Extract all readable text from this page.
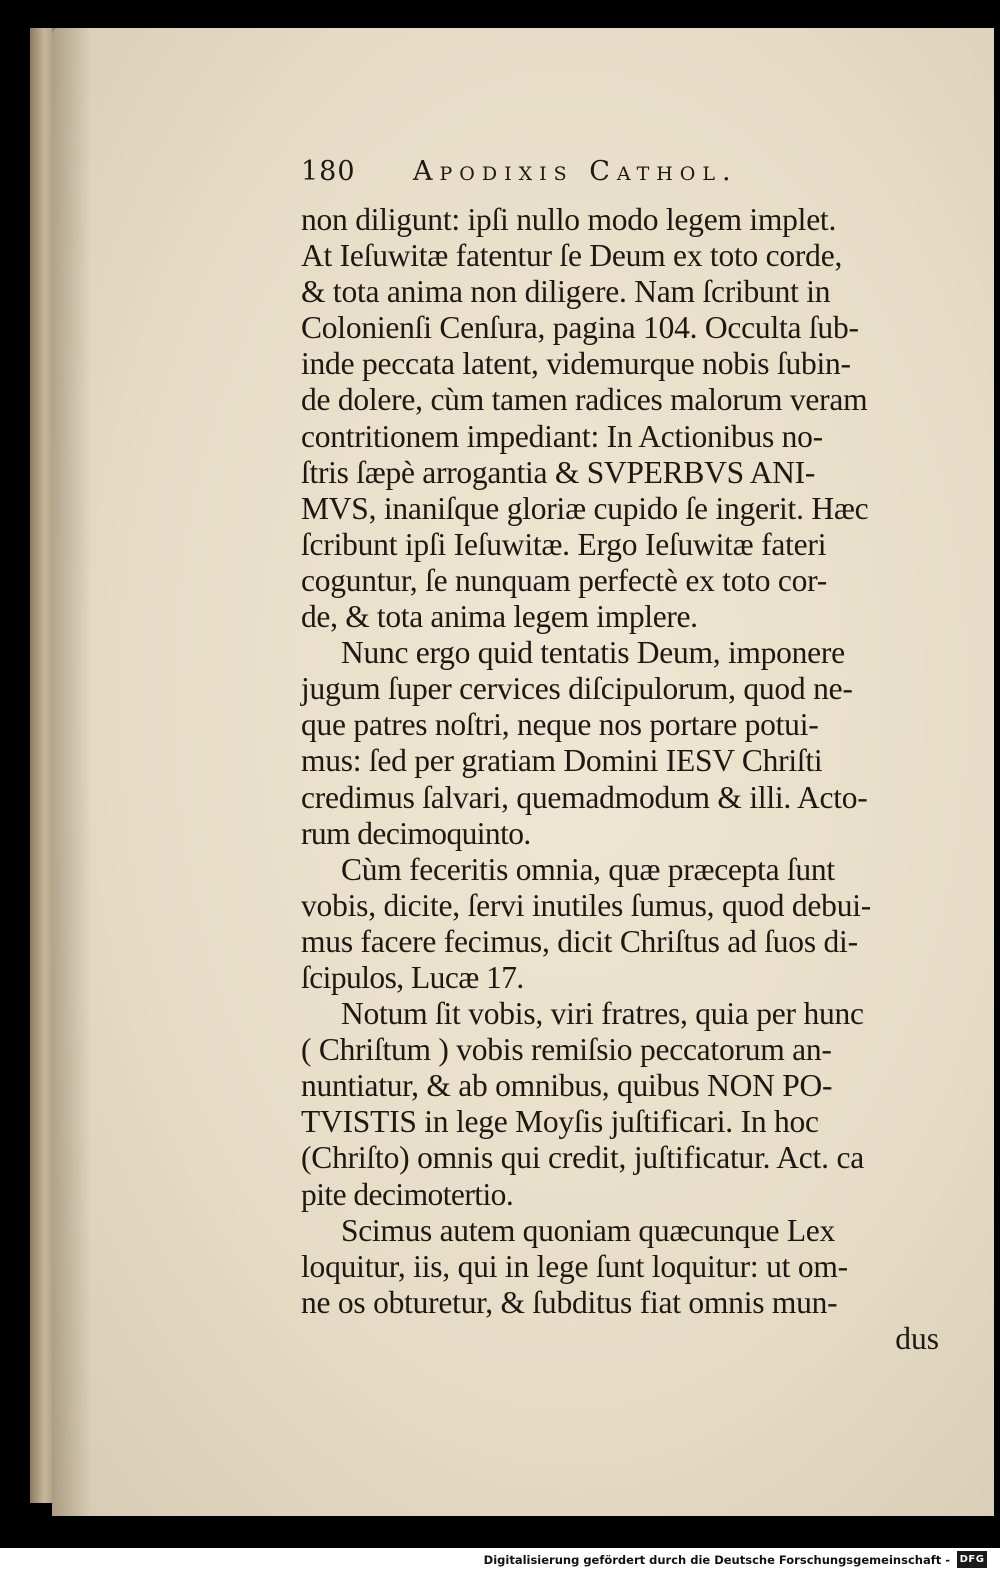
180 Apodixis Cathol.
non diligunt: ipſi nullo modo legem implet.
At Ieſuwitæ fatentur ſe Deum ex toto corde,
& tota anima non diligere. Nam ſcribunt in
Colonienſi Cenſura, pagina 104. Occulta ſub-
inde peccata latent, videmurque nobis ſubin-
de dolere, cùm tamen radices malorum veram
contritionem impediant: In Actionibus no-
ſtris ſæpè arrogantia & SVPERBVS ANI-
MVS, inaniſque gloriæ cupido ſe ingerit. Hæc
ſcribunt ipſi Ieſuwitæ. Ergo Ieſuwitæ fateri
coguntur, ſe nunquam perfectè ex toto cor-
de, & tota anima legem implere.
Nunc ergo quid tentatis Deum, imponere
jugum ſuper cervices diſcipulorum, quod ne-
que patres noſtri, neque nos portare potui-
mus: ſed per gratiam Domini IESV Chriſti
credimus ſalvari, quemadmodum & illi. Acto-
rum decimoquinto.
Cùm feceritis omnia, quæ præcepta ſunt
vobis, dicite, ſervi inutiles ſumus, quod debui-
mus facere fecimus, dicit Chriſtus ad ſuos di-
ſcipulos, Lucæ 17.
Notum ſit vobis, viri fratres, quia per hunc
( Chriſtum ) vobis remiſsio peccatorum an-
nuntiatur, & ab omnibus, quibus NON PO-
TVISTIS in lege Moyſis juſtificari. In hoc
(Chriſto) omnis qui credit, juſtificatur. Act. ca
pite decimotertio.
Scimus autem quoniam quæcunque Lex
loquitur, iis, qui in lege ſunt loquitur: ut om-
ne os obturetur, & ſubditus fiat omnis mun-
dus
Digitalisierung gefördert durch die Deutsche Forschungsgemeinschaft - DFG
